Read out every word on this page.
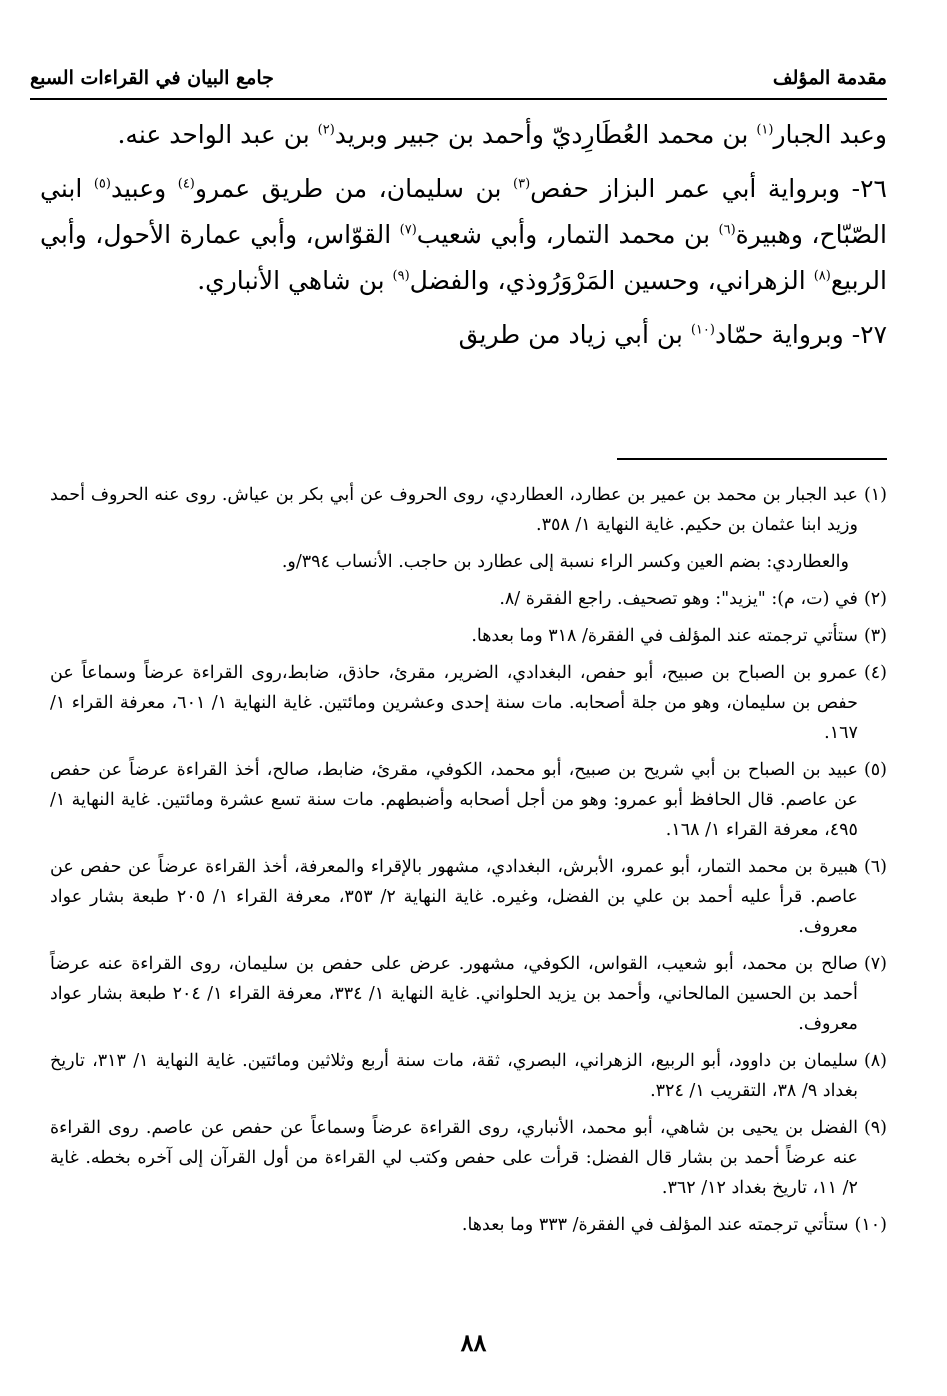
مقدمة المؤلف
جامع البيان في القراءات السبع

وعبد الجبار$^{(١)}$ بن محمد العُطَارِديّ وأحمد بن جبير وبريد$^{(٢)}$ بن عبد الواحد عنه.

٢٦- وبرواية أبي عمر البزاز حفص$^{(٣)}$ بن سليمان، من طريق عمرو$^{(٤)}$ وعبيد$^{(٥)}$ ابني الصّبّاح، وهبيرة$^{(٦)}$ بن محمد التمار، وأبي شعيب$^{(٧)}$ القوّاس، وأبي عمارة الأحول، وأبي الربيع$^{(٨)}$ الزهراني، وحسين المَرْوَرُوذي، والفضل$^{(٩)}$ بن شاهي الأنباري.

٢٧- وبرواية حمّاد$^{(١٠)}$ بن أبي زياد من طريق

(١)
عبد الجبار بن محمد بن عمير بن عطارد، العطاردي، روى الحروف عن أبي بكر بن عياش. روى عنه الحروف أحمد وزيد ابنا عثمان بن حكيم. غاية النهاية ١/ ٣٥٨.
والعطاردي: بضم العين وكسر الراء نسبة إلى عطارد بن حاجب. الأنساب ٣٩٤/و.
(٢)
في (ت، م): "يزيد": وهو تصحيف. راجع الفقرة /٨.
(٣)
ستأتي ترجمته عند المؤلف في الفقرة/ ٣١٨ وما بعدها.
(٤)
عمرو بن الصباح بن صبيح، أبو حفص، البغدادي، الضرير، مقرئ، حاذق، ضابط،روى القراءة عرضاً وسماعاً عن حفص بن سليمان، وهو من جلة أصحابه. مات سنة إحدى وعشرين ومائتين. غاية النهاية ١/ ٦٠١، معرفة القراء ١/ ١٦٧.
(٥)
عبيد بن الصباح بن أبي شريح بن صبيح، أبو محمد، الكوفي، مقرئ، ضابط، صالح، أخذ القراءة عرضاً عن حفص عن عاصم. قال الحافظ أبو عمرو: وهو من أجل أصحابه وأضبطهم. مات سنة تسع عشرة ومائتين. غاية النهاية ١/ ٤٩٥، معرفة القراء ١/ ١٦٨.
(٦)
هبيرة بن محمد التمار، أبو عمرو، الأبرش، البغدادي، مشهور بالإقراء والمعرفة، أخذ القراءة عرضاً عن حفص عن عاصم. قرأ عليه أحمد بن علي بن الفضل، وغيره. غاية النهاية ٢/ ٣٥٣، معرفة القراء ١/ ٢٠٥ طبعة بشار عواد معروف.
(٧)
صالح بن محمد، أبو شعيب، القواس، الكوفي، مشهور. عرض على حفص بن سليمان، روى القراءة عنه عرضاً أحمد بن الحسين المالحاني، وأحمد بن يزيد الحلواني. غاية النهاية ١/ ٣٣٤، معرفة القراء ١/ ٢٠٤ طبعة بشار عواد معروف.
(٨)
سليمان بن داوود، أبو الربيع، الزهراني، البصري، ثقة، مات سنة أربع وثلاثين ومائتين. غاية النهاية ١/ ٣١٣، تاريخ بغداد ٩/ ٣٨، التقريب ١/ ٣٢٤.
(٩)
الفضل بن يحيى بن شاهي، أبو محمد، الأنباري، روى القراءة عرضاً وسماعاً عن حفص عن عاصم. روى القراءة عنه عرضاً أحمد بن بشار قال الفضل: قرأت على حفص وكتب لي القراءة من أول القرآن إلى آخره بخطه. غاية ٢/ ١١، تاريخ بغداد ١٢/ ٣٦٢.
(١٠)
ستأتي ترجمته عند المؤلف في الفقرة/ ٣٣٣ وما بعدها.
٨٨
